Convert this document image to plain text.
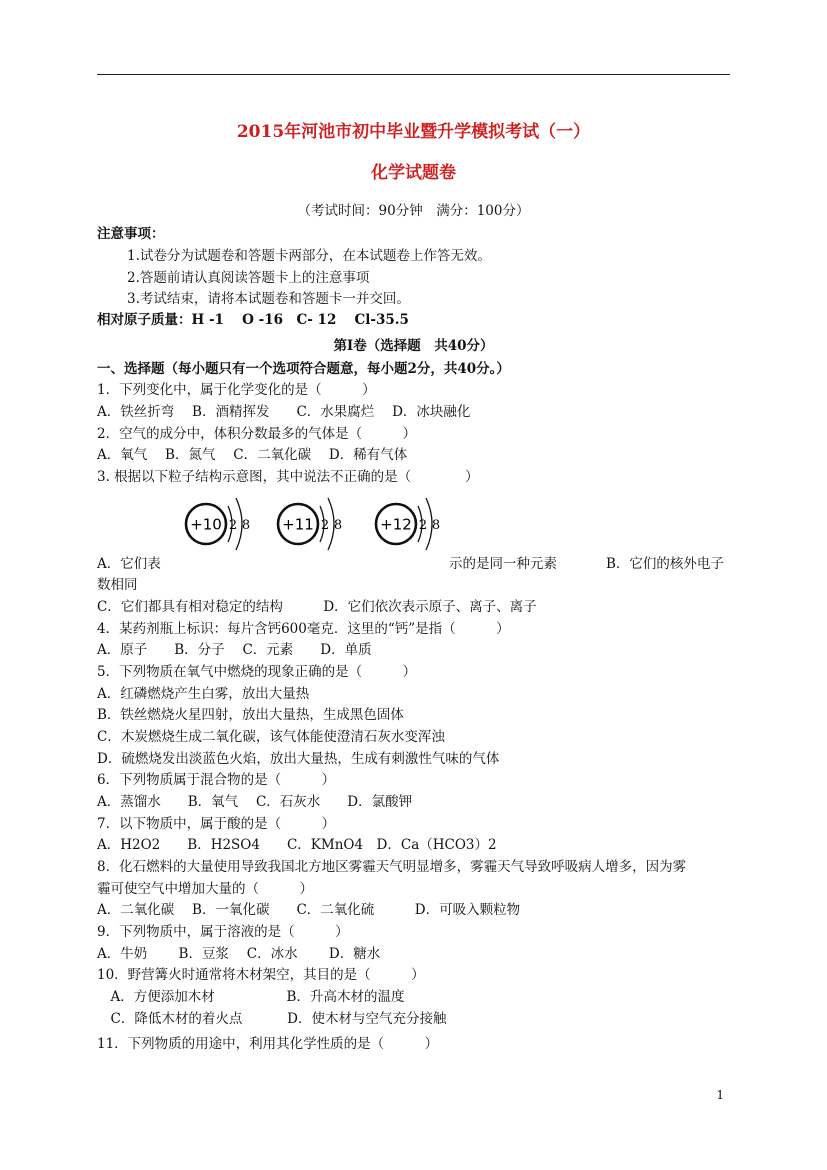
2015年河池市初中毕业暨升学模拟考试（一）
化学试题卷
（考试时间：90分钟　满分：100分）
注意事项：
1.试卷分为试题卷和答题卡两部分，在本试题卷上作答无效。
2.答题前请认真阅读答题卡上的注意事项
3.考试结束，请将本试题卷和答题卡一并交回。
相对原子质量：H -1　 O -16　C- 12　 Cl-35.5
第Ⅰ卷（选择题　共40分）
一、选择题（每小题只有一个选项符合题意，每小题2分，共40分。）
1．下列变化中，属于化学变化的是（　　　）
A．铁丝折弯　 B．酒精挥发　　C．水果腐烂　 D．冰块融化
2．空气的成分中，体积分数最多的气体是（　　　）
A．氧气　 B．氮气　 C．二氧化碳　 D．稀有气体
3. 根据以下粒子结构示意图，其中说法不正确的是（　　　　）
+10 2 8 +11 2 8	+12 2 8
A．它们表	示的是同一种元素	B．它们的核外电子
数相同
C．它们都具有相对稳定的结构　　　D．它们依次表示原子、离子、离子
4．某药剂瓶上标识：每片含钙600毫克．这里的“钙”是指（　　　）
A．原子　　B．分子　 C．元素　　D．单质
5．下列物质在氧气中燃烧的现象正确的是（　　　）
A．红磷燃烧产生白雾，放出大量热
B．铁丝燃烧火星四射，放出大量热，生成黑色固体
C．木炭燃烧生成二氧化碳，该气体能使澄清石灰水变浑浊
D．硫燃烧发出淡蓝色火焰，放出大量热，生成有刺激性气味的气体
6．下列物质属于混合物的是（　　　）
A．蒸馏水　　B．氧气　 C．石灰水　　D．氯酸钾
7．以下物质中，属于酸的是（　　　）
A．H2O2　　B．H2SO4　　C．KMnO4　D．Ca（HCO3）2
8．化石燃料的大量使用导致我国北方地区雾霾天气明显增多，雾霾天气导致呼吸病人增多，因为雾
霾可使空气中增加大量的（　　　）
A．二氧化碳　 B．一氧化碳　　C．二氧化硫　　　D．可吸入颗粒物
9．下列物质中，属于溶液的是（　　　）
A．牛奶　　 B．豆浆　 C．冰水　　 D．糖水
10．野营篝火时通常将木材架空，其目的是（　　　）
　A．方便添加木材　　　　　 B．升高木材的温度
　C．降低木材的着火点　　　 D．使木材与空气充分接触
11．下列物质的用途中，利用其化学性质的是（　　　）
1
